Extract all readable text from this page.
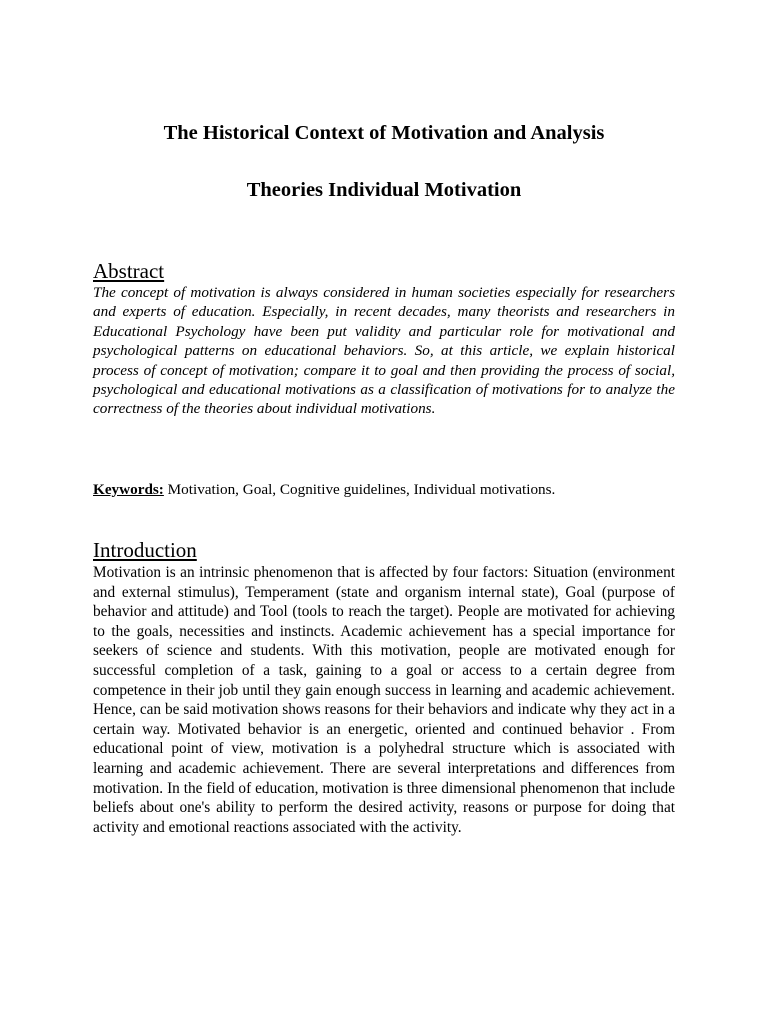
The Historical Context of Motivation and Analysis
Theories Individual Motivation
Abstract

The concept of motivation is always considered in human societies especially for researchers and experts of education. Especially, in recent decades, many theorists and researchers in Educational Psychology have been put validity and particular role for motivational and psychological patterns on educational behaviors. So, at this article, we explain historical process of concept of motivation; compare it to goal and then providing the process of social, psychological and educational motivations as a classification of motivations for to analyze the correctness of the theories about individual motivations.

Keywords: Motivation, Goal, Cognitive guidelines, Individual motivations.

Introduction

Motivation is an intrinsic phenomenon that is affected by four factors: Situation (environment and external stimulus), Temperament (state and organism internal state), Goal (purpose of behavior and attitude) and Tool (tools to reach the target). People are motivated for achieving to the goals, necessities and instincts. Academic achievement has a special importance for seekers of science and students. With this motivation, people are motivated enough for successful completion of a task, gaining to a goal or access to a certain degree from competence in their job until they gain enough success in learning and academic achievement. Hence, can be said motivation shows reasons for their behaviors and indicate why they act in a certain way. Motivated behavior is an energetic, oriented and continued behavior . From educational point of view, motivation is a polyhedral structure which is associated with learning and academic achievement. There are several interpretations and differences from motivation. In the field of education, motivation is three dimensional phenomenon that include beliefs about one's ability to perform the desired activity, reasons or purpose for doing that activity and emotional reactions associated with the activity.
